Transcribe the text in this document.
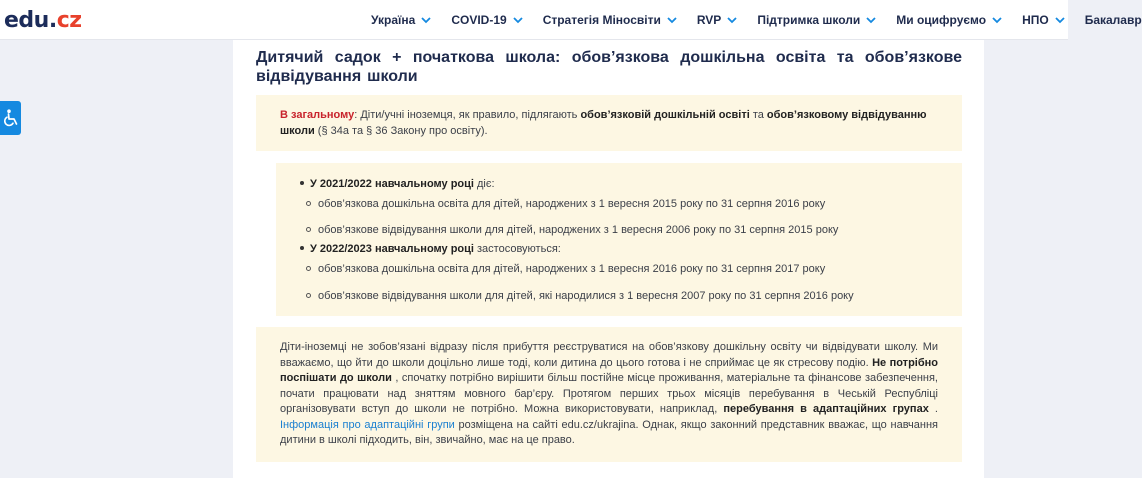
edu.cz	Україна	COVID-19	Стратегія Міносвіти	RVP	Підтримка школи	Ми оцифруємо	НПО	Бакалавр
Дитячий садок + початкова школа: обов’язкова дошкільна освіта та обов’язкове відвідування школи

В загальному: Діти/учні іноземця, як правило, підлягають обов’язковій дошкільній освіті та обов’язковому відвідуванню школи (§ 34a та § 36 Закону про освіту).

У 2021/2022 навчальному році діє:
обов’язкова дошкільна освіта для дітей, народжених з 1 вересня 2015 року по 31 серпня 2016 року
обов’язкове відвідування школи для дітей, народжених з 1 вересня 2006 року по 31 серпня 2015 року
У 2022/2023 навчальному році застосовуються:
обов’язкова дошкільна освіта для дітей, народжених з 1 вересня 2016 року по 31 серпня 2017 року
обов’язкове відвідування школи для дітей, які народилися з 1 вересня 2007 року по 31 серпня 2016 року

Діти-іноземці не зобов’язані відразу після прибуття реєструватися на обов’язкову дошкільну освіту чи відвідувати школу. Ми вважаємо, що йти до школи доцільно лише тоді, коли дитина до цього готова і не сприймає це як стресову подію. Не потрібно поспішати до школи , спочатку потрібно вирішити більш постійне місце проживання, матеріальне та фінансове забезпечення, почати працювати над зняттям мовного бар’єру. Протягом перших трьох місяців перебування в Чеській Республіці організовувати вступ до школи не потрібно. Можна використовувати, наприклад, перебування в адаптаційних групах . Інформація про адаптаційні групи розміщена на сайті edu.cz/ukrajina. Однак, якщо законний представник вважає, що навчання дитини в школі підходить, він, звичайно, має на це право.
